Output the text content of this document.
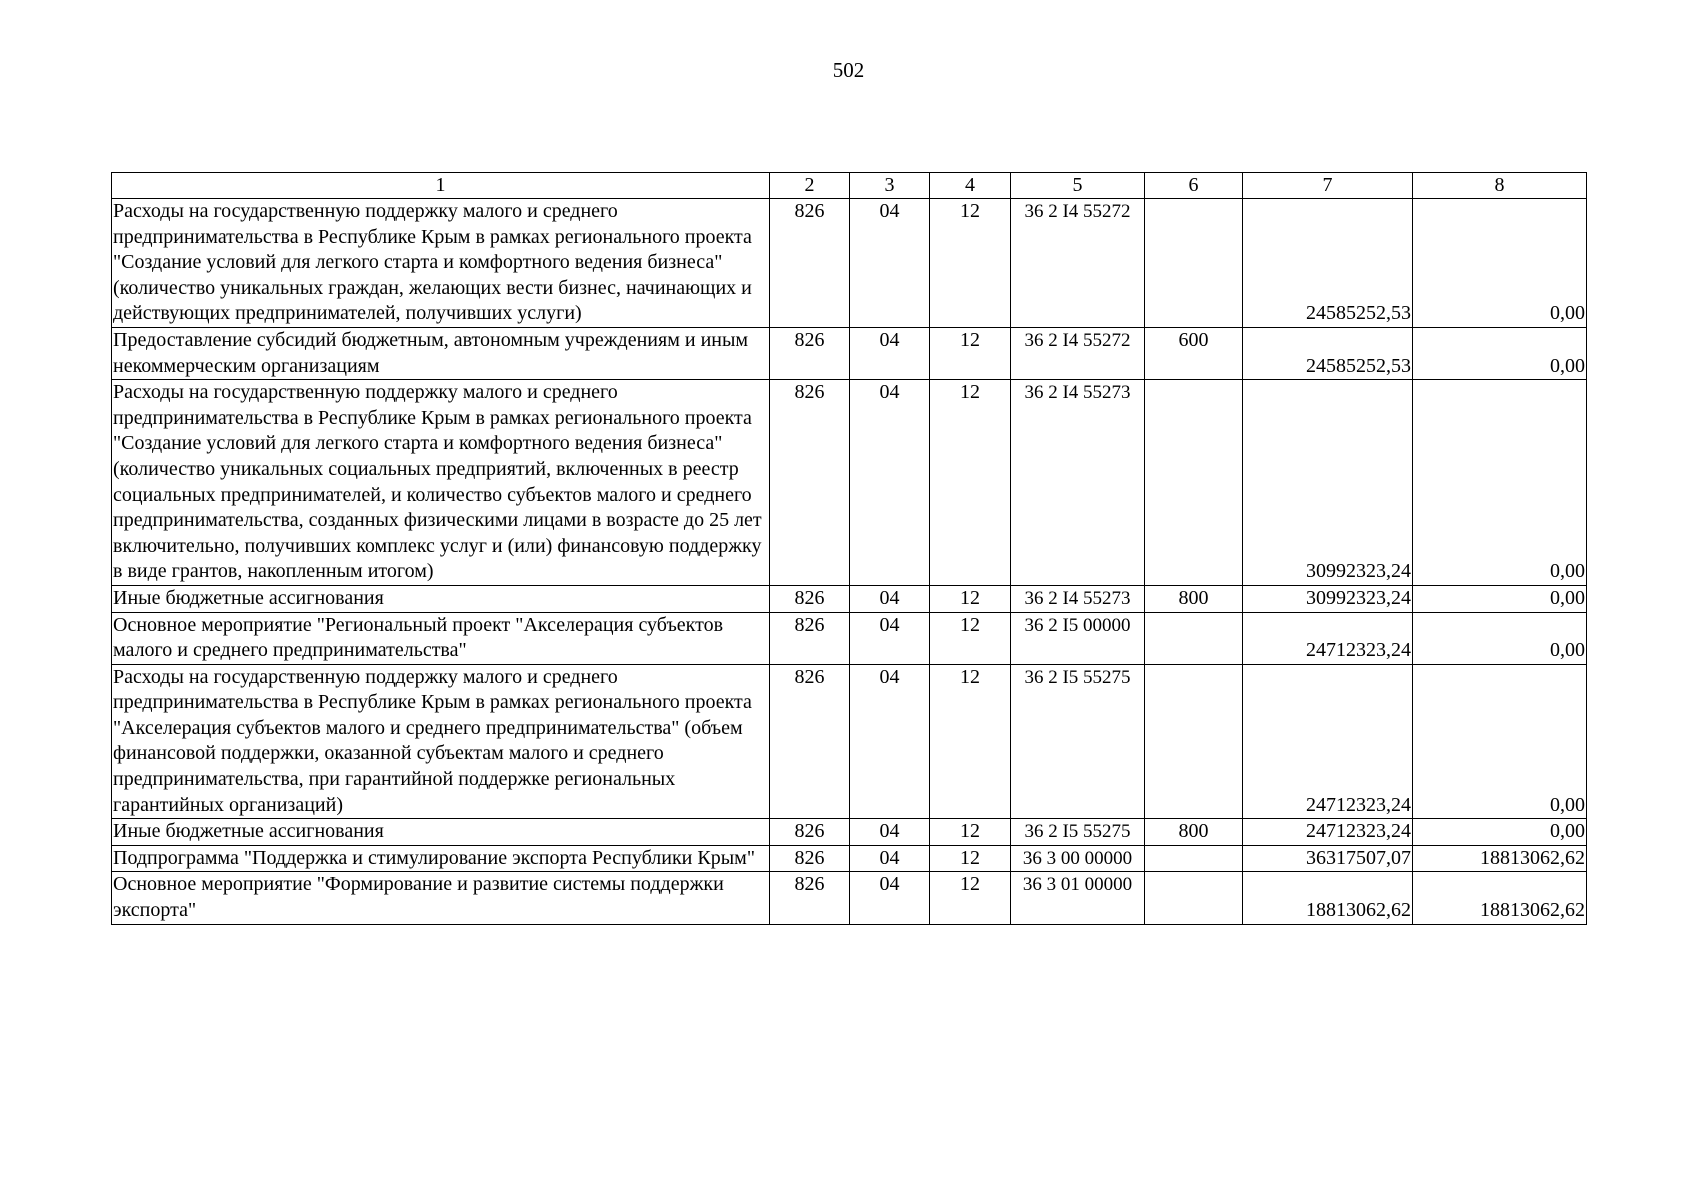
502
1	2	3	4	5	6	7	8
Расходы на государственную поддержку малого и среднего предпринимательства в Республике Крым в рамках регионального проекта "Создание условий для легкого старта и комфортного ведения бизнеса" (количество уникальных граждан, желающих вести бизнес, начинающих и действующих предпринимателей, получивших услуги)	826	04	12	36 2 I4 55272		24585252,53	0,00
Предоставление субсидий бюджетным, автономным учреждениям и иным некоммерческим организациям	826	04	12	36 2 I4 55272	600	24585252,53	0,00
Расходы на государственную поддержку малого и среднего предпринимательства в Республике Крым в рамках регионального проекта "Создание условий для легкого старта и комфортного ведения бизнеса" (количество уникальных социальных предприятий, включенных в реестр социальных предпринимателей, и количество субъектов малого и среднего предпринимательства, созданных физическими лицами в возрасте до 25 лет включительно, получивших комплекс услуг и (или) финансовую поддержку в виде грантов, накопленным итогом)	826	04	12	36 2 I4 55273		30992323,24	0,00
Иные бюджетные ассигнования	826	04	12	36 2 I4 55273	800	30992323,24	0,00
Основное мероприятие "Региональный проект "Акселерация субъектов малого и среднего предпринимательства"	826	04	12	36 2 I5 00000		24712323,24	0,00
Расходы на государственную поддержку малого и среднего предпринимательства в Республике Крым в рамках регионального проекта "Акселерация субъектов малого и среднего предпринимательства" (объем финансовой поддержки, оказанной субъектам малого и среднего предпринимательства, при гарантийной поддержке региональных гарантийных организаций)	826	04	12	36 2 I5 55275		24712323,24	0,00
Иные бюджетные ассигнования	826	04	12	36 2 I5 55275	800	24712323,24	0,00
Подпрограмма "Поддержка и стимулирование экспорта Республики Крым"	826	04	12	36 3 00 00000		36317507,07	18813062,62
Основное мероприятие "Формирование и развитие системы поддержки экспорта"	826	04	12	36 3 01 00000		18813062,62	18813062,62
